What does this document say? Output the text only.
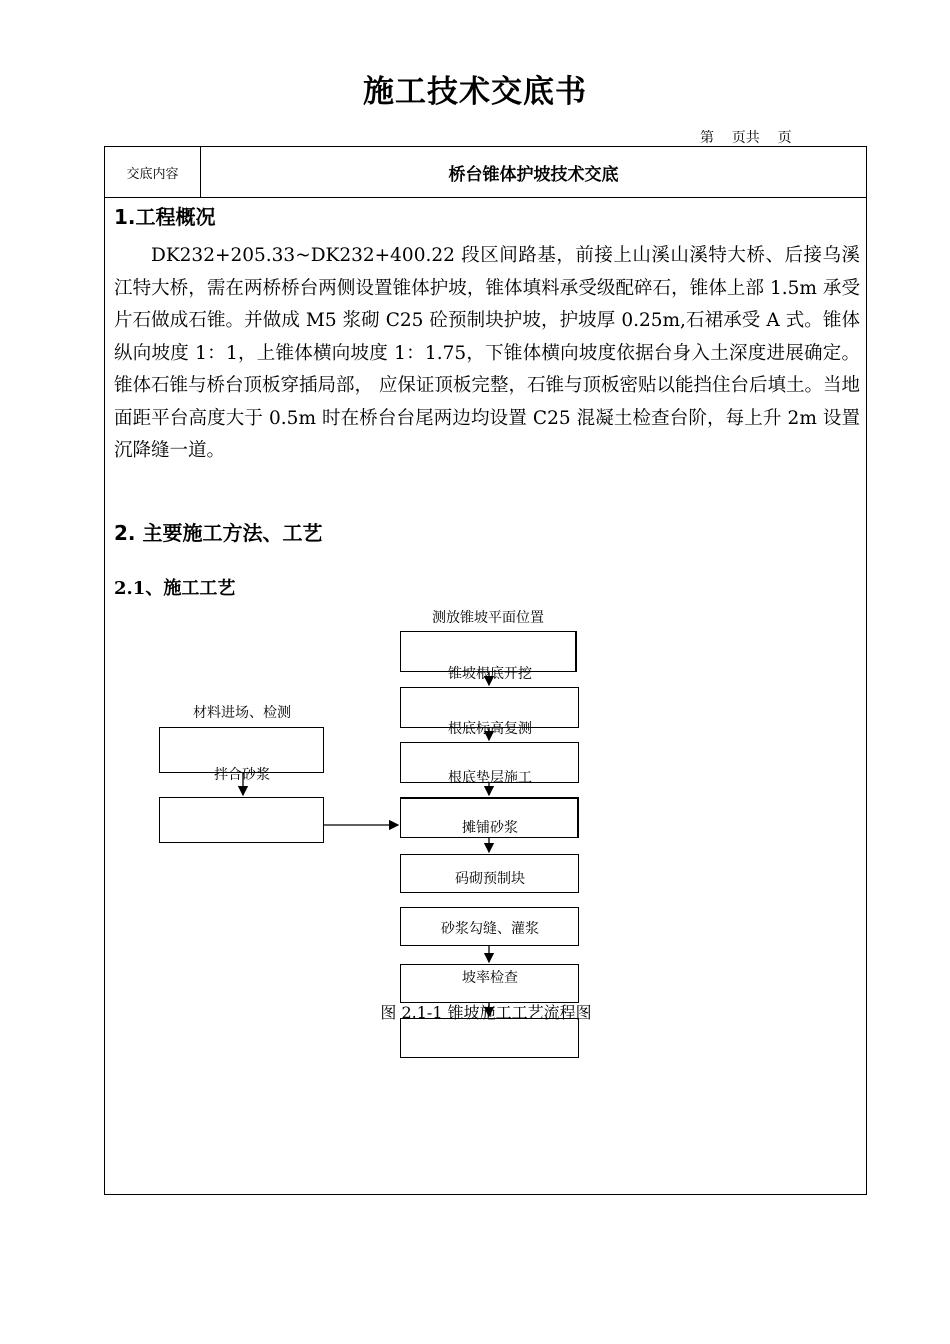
施工技术交底书
第    页共    页
交底内容	桥台锥体护坡技术交底
1.工程概况
DK232+205.33~DK232+400.22 段区间路基，前接上山溪山溪特大桥、后接乌溪江特大桥，需在两桥桥台两侧设置锥体护坡，锥体填料承受级配碎石，锥体上部 1.5m 承受片石做成石锥。并做成 M5 浆砌 C25 砼预制块护坡，护坡厚 0.25m,石裙承受 A 式。锥体纵向坡度 1：1，上锥体横向坡度 1：1.75，下锥体横向坡度依据台身入土深度进展确定。锥体石锥与桥台顶板穿插局部， 应保证顶板完整，石锥与顶板密贴以能挡住台后填土。当地面距平台高度大于 0.5m 时在桥台台尾两边均设置 C25 混凝土检查台阶，每上升 2m 设置沉降缝一道。
2. 主要施工方法、工艺
2.1、施工工艺
测放锥坡平面位置
锥坡根底开挖
根底标高复测
根底垫层施工
摊铺砂浆
码砌预制块
砂浆勾缝、灌浆
坡率检查
材料进场、检测
拌合砂浆
图 2.1-1 锥坡施工工艺流程图
